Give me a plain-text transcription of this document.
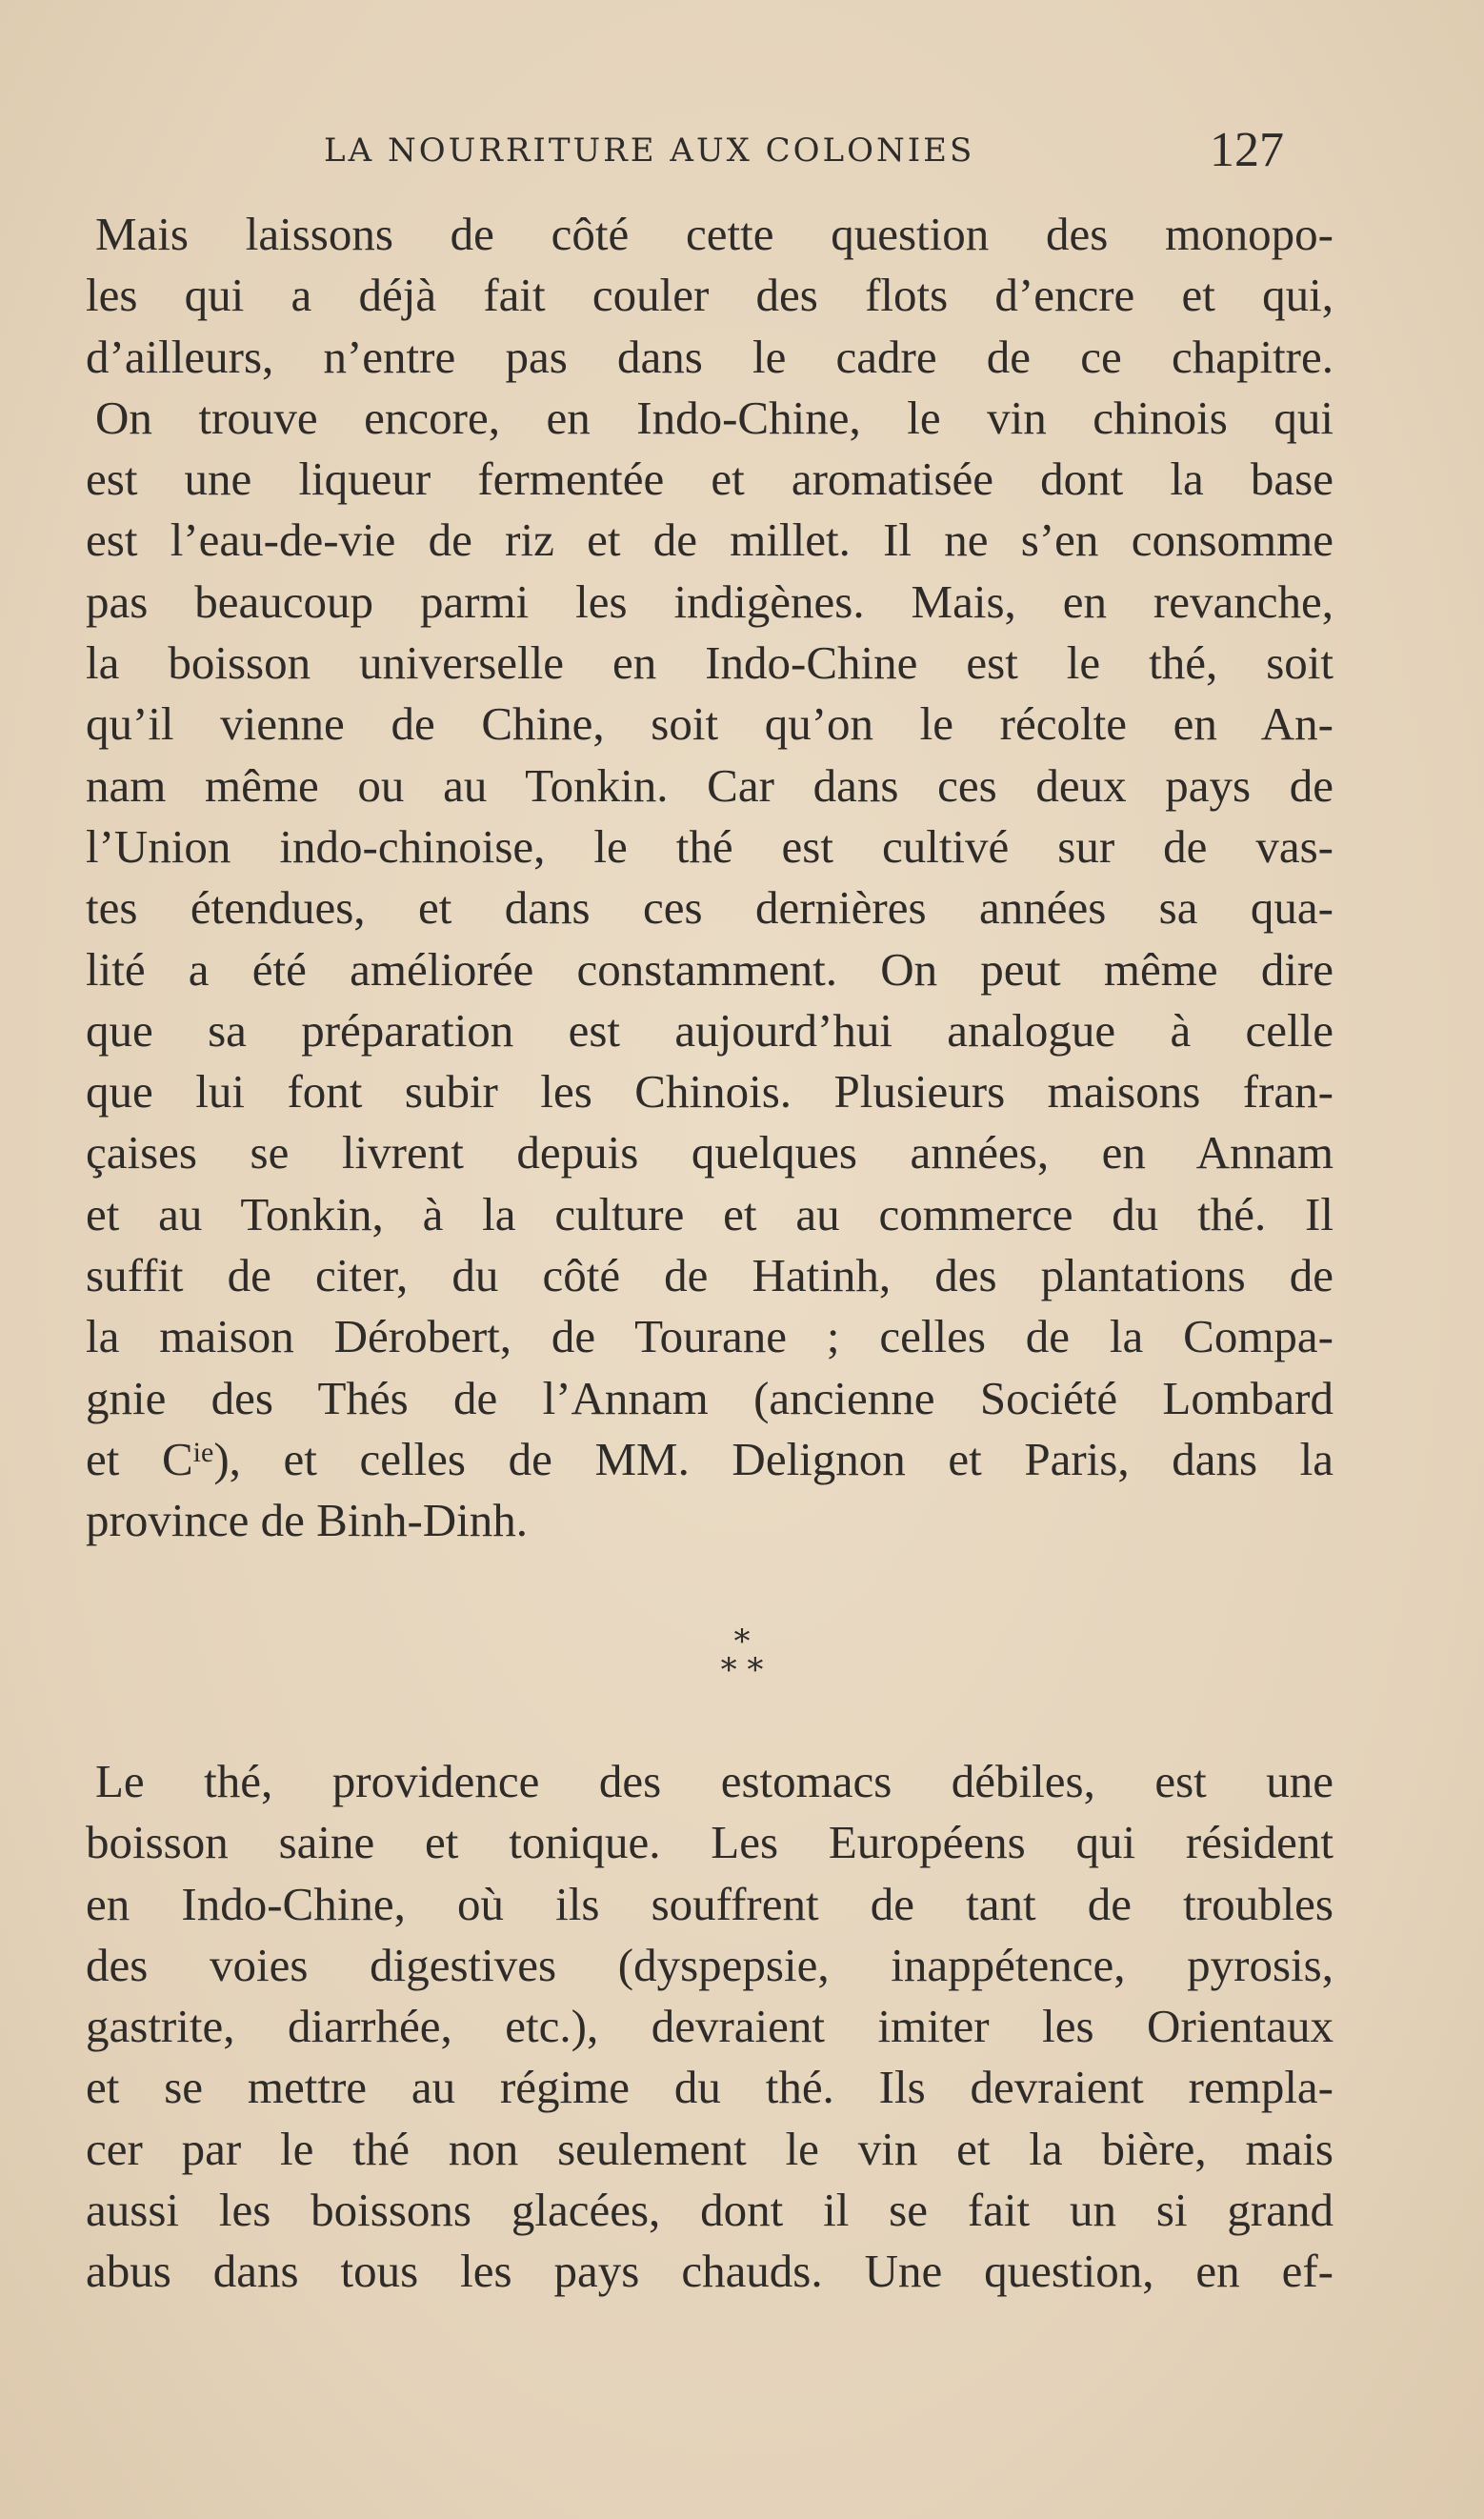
LA NOURRITURE AUX COLONIES	127
Mais laissons de côté cette question des monopo-
les qui a déjà fait couler des flots d’encre et qui,
d’ailleurs, n’entre pas dans le cadre de ce chapitre.
On trouve encore, en Indo-Chine, le vin chinois qui
est une liqueur fermentée et aromatisée dont la base
est l’eau-de-vie de riz et de millet. Il ne s’en consomme
pas beaucoup parmi les indigènes. Mais, en revanche,
la boisson universelle en Indo-Chine est le thé, soit
qu’il vienne de Chine, soit qu’on le récolte en An-
nam même ou au Tonkin. Car dans ces deux pays de
l’Union indo-chinoise, le thé est cultivé sur de vas-
tes étendues, et dans ces dernières années sa qua-
lité a été améliorée constamment. On peut même dire
que sa préparation est aujourd’hui analogue à celle
que lui font subir les Chinois. Plusieurs maisons fran-
çaises se livrent depuis quelques années, en Annam
et au Tonkin, à la culture et au commerce du thé. Il
suffit de citer, du côté de Hatinh, des plantations de
la maison Dérobert, de Tourane ; celles de la Compa-
gnie des Thés de l’Annam (ancienne Société Lombard
et $C^{ie}$), et celles de MM. Delignon et Paris, dans la
province de Binh-Dinh.
*
* *
Le thé, providence des estomacs débiles, est une
boisson saine et tonique. Les Européens qui résident
en Indo-Chine, où ils souffrent de tant de troubles
des voies digestives (dyspepsie, inappétence, pyrosis,
gastrite, diarrhée, etc.), devraient imiter les Orientaux
et se mettre au régime du thé. Ils devraient rempla-
cer par le thé non seulement le vin et la bière, mais
aussi les boissons glacées, dont il se fait un si grand
abus dans tous les pays chauds. Une question, en ef-
